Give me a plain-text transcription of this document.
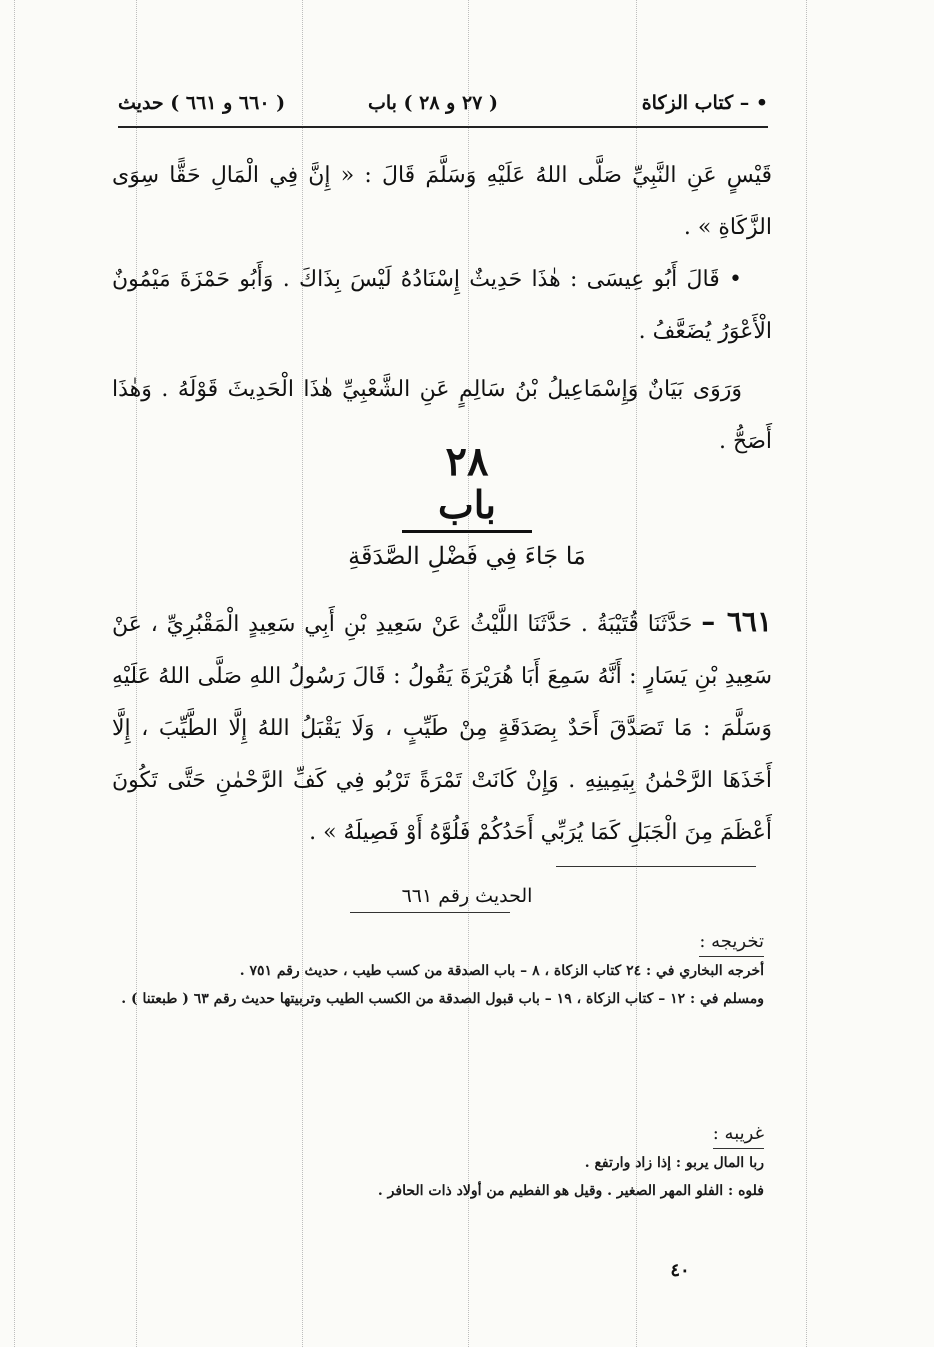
• – كتاب الزكاة
( ٢٧ و ٢٨ ) باب
( ٦٦٠ و ٦٦١ ) حديث

قَيْسٍ عَنِ النَّبِيِّ صَلَّى اللهُ عَلَيْهِ وَسَلَّمَ قَالَ : « إِنَّ فِي الْمَالِ حَقًّا سِوَى الزَّكَاةِ » .

• قَالَ أَبُو عِيسَى : هٰذَا حَدِيثٌ إِسْنَادُهُ لَيْسَ بِذَاكَ . وَأَبُو حَمْزَةَ مَيْمُونٌ الْأَعْوَرُ يُضَعَّفُ .

وَرَوَى بَيَانٌ وَإِسْمَاعِيلُ بْنُ سَالِمٍ عَنِ الشَّعْبِيِّ هٰذَا الْحَدِيثَ قَوْلَهُ . وَهٰذَا أَصَحُّ .

٢٨
باب
مَا جَاءَ فِي فَضْلِ الصَّدَقَةِ

٦٦١ – حَدَّثَنَا قُتَيْبَةُ . حَدَّثَنَا اللَّيْثُ عَنْ سَعِيدِ بْنِ أَبِي سَعِيدٍ الْمَقْبُرِيِّ ، عَنْ سَعِيدِ بْنِ يَسَارٍ : أَنَّهُ سَمِعَ أَبَا هُرَيْرَةَ يَقُولُ : قَالَ رَسُولُ اللهِ صَلَّى اللهُ عَلَيْهِ وَسَلَّمَ : مَا تَصَدَّقَ أَحَدٌ بِصَدَقَةٍ مِنْ طَيِّبٍ ، وَلَا يَقْبَلُ اللهُ إِلَّا الطَّيِّبَ ، إِلَّا أَخَذَهَا الرَّحْمٰنُ بِيَمِينِهِ . وَإِنْ كَانَتْ تَمْرَةً تَرْبُو فِي كَفِّ الرَّحْمٰنِ حَتَّى تَكُونَ أَعْظَمَ مِنَ الْجَبَلِ كَمَا يُرَبِّي أَحَدُكُمْ فَلُوَّهُ أَوْ فَصِيلَهُ » .

الحديث رقم ٦٦١

تخريجه :

أخرجه البخاري في : ٢٤ كتاب الزكاة ، ٨ – باب الصدقة من كسب طيب ، حديث رقم ٧٥١ .

ومسلم في : ١٢ – كتاب الزكاة ، ١٩ – باب قبول الصدقة من الكسب الطيب وتربيتها حديث رقم ٦٣ ( طبعتنا ) .

غريبه :

ربا المال يربو : إذا زاد وارتفع .

فلوه : الفلو المهر الصغير . وقيل هو الفطيم من أولاد ذات الحافر .

٤٠
